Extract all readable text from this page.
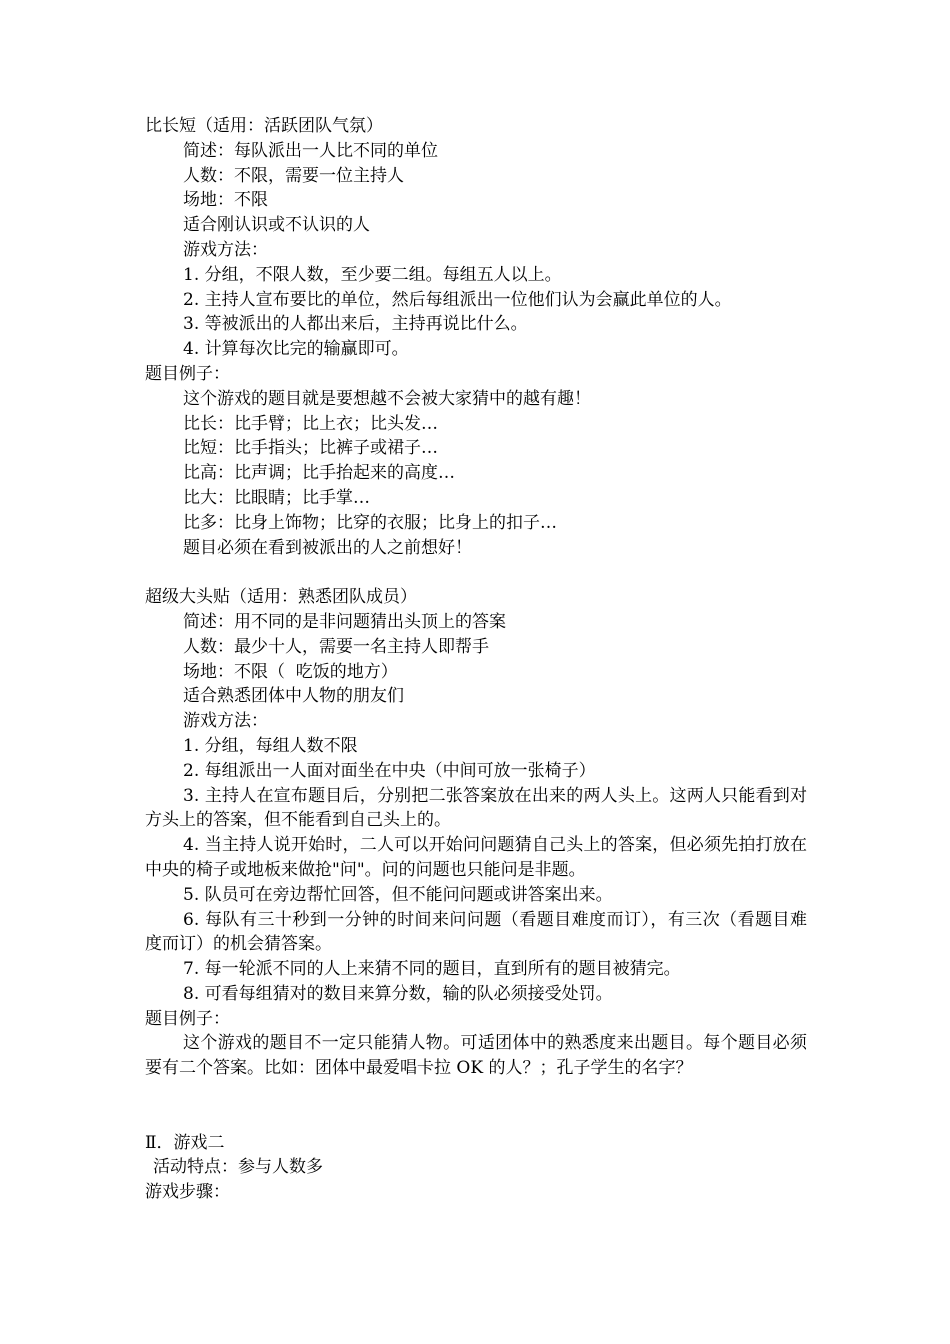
比长短（适用：活跃团队气氛）
简述：每队派出一人比不同的单位
人数：不限，需要一位主持人
场地：不限
适合刚认识或不认识的人
游戏方法：
1. 分组，不限人数，至少要二组。每组五人以上。
2. 主持人宣布要比的单位，然后每组派出一位他们认为会赢此单位的人。
3. 等被派出的人都出来后，主持再说比什么。
4. 计算每次比完的输赢即可。
题目例子：
这个游戏的题目就是要想越不会被大家猜中的越有趣！
比长：比手臂；比上衣；比头发…
比短：比手指头；比裤子或裙子…
比高：比声调；比手抬起来的高度…
比大：比眼睛；比手掌…
比多：比身上饰物；比穿的衣服；比身上的扣子…
题目必须在看到被派出的人之前想好！
超级大头贴（适用：熟悉团队成员）
简述：用不同的是非问题猜出头顶上的答案
人数：最少十人，需要一名主持人即帮手
场地：不限（  吃饭的地方）
适合熟悉团体中人物的朋友们
游戏方法：
1. 分组，每组人数不限
2. 每组派出一人面对面坐在中央（中间可放一张椅子）

3. 主持人在宣布题目后，分别把二张答案放在出来的两人头上。这两人只能看到对方头上的答案，但不能看到自己头上的。

4. 当主持人说开始时，二人可以开始问问题猜自己头上的答案，但必须先拍打放在中央的椅子或地板来做抢"问"。问的问题也只能问是非题。

5. 队员可在旁边帮忙回答，但不能问问题或讲答案出来。

6. 每队有三十秒到一分钟的时间来问问题（看题目难度而订），有三次（看题目难度而订）的机会猜答案。

7. 每一轮派不同的人上来猜不同的题目，直到所有的题目被猜完。
8. 可看每组猜对的数目来算分数，输的队必须接受处罚。
题目例子：

这个游戏的题目不一定只能猜人物。可适团体中的熟悉度来出题目。每个题目必须要有二个答案。比如：团体中最爱唱卡拉 OK 的人？；孔子学生的名字？

Ⅱ．游戏二
活动特点：参与人数多
游戏步骤：
